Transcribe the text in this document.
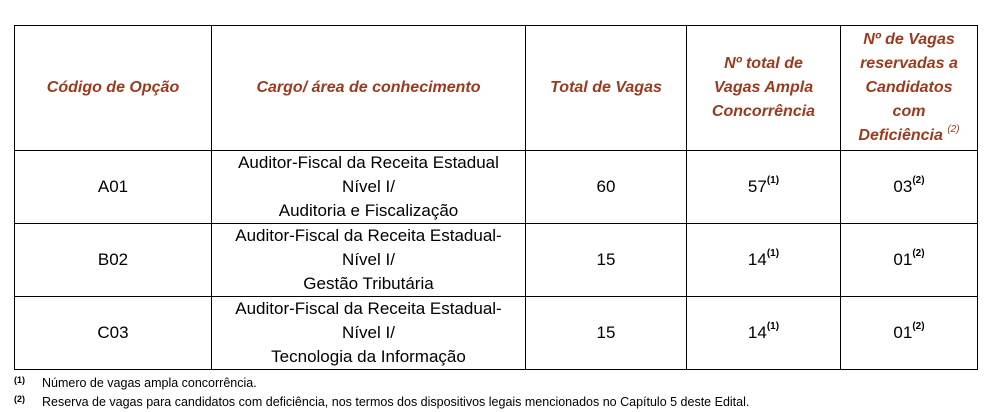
Código de Opção	Cargo/ área de conhecimento	Total de Vagas	Nº total de
Vagas Ampla
Concorrência	Nº de Vagas
reservadas a
Candidatos
com
Deficiência $^{(2)}$

A01	Auditor-Fiscal da Receita Estadual
Nível I/
Auditoria e Fiscalização	60	57$^{(1)}$	03$^{(2)}$
B02	Auditor-Fiscal da Receita Estadual-
Nível I/
Gestão Tributária	15	14$^{(1)}$	01$^{(2)}$
C03	Auditor-Fiscal da Receita Estadual-
Nível I/
Tecnologia da Informação	15	14$^{(1)}$	01$^{(2)}$
(1)	Número de vagas ampla concorrência.
(2)	Reserva de vagas para candidatos com deficiência, nos termos dos dispositivos legais mencionados no Capítulo 5 deste Edital.
